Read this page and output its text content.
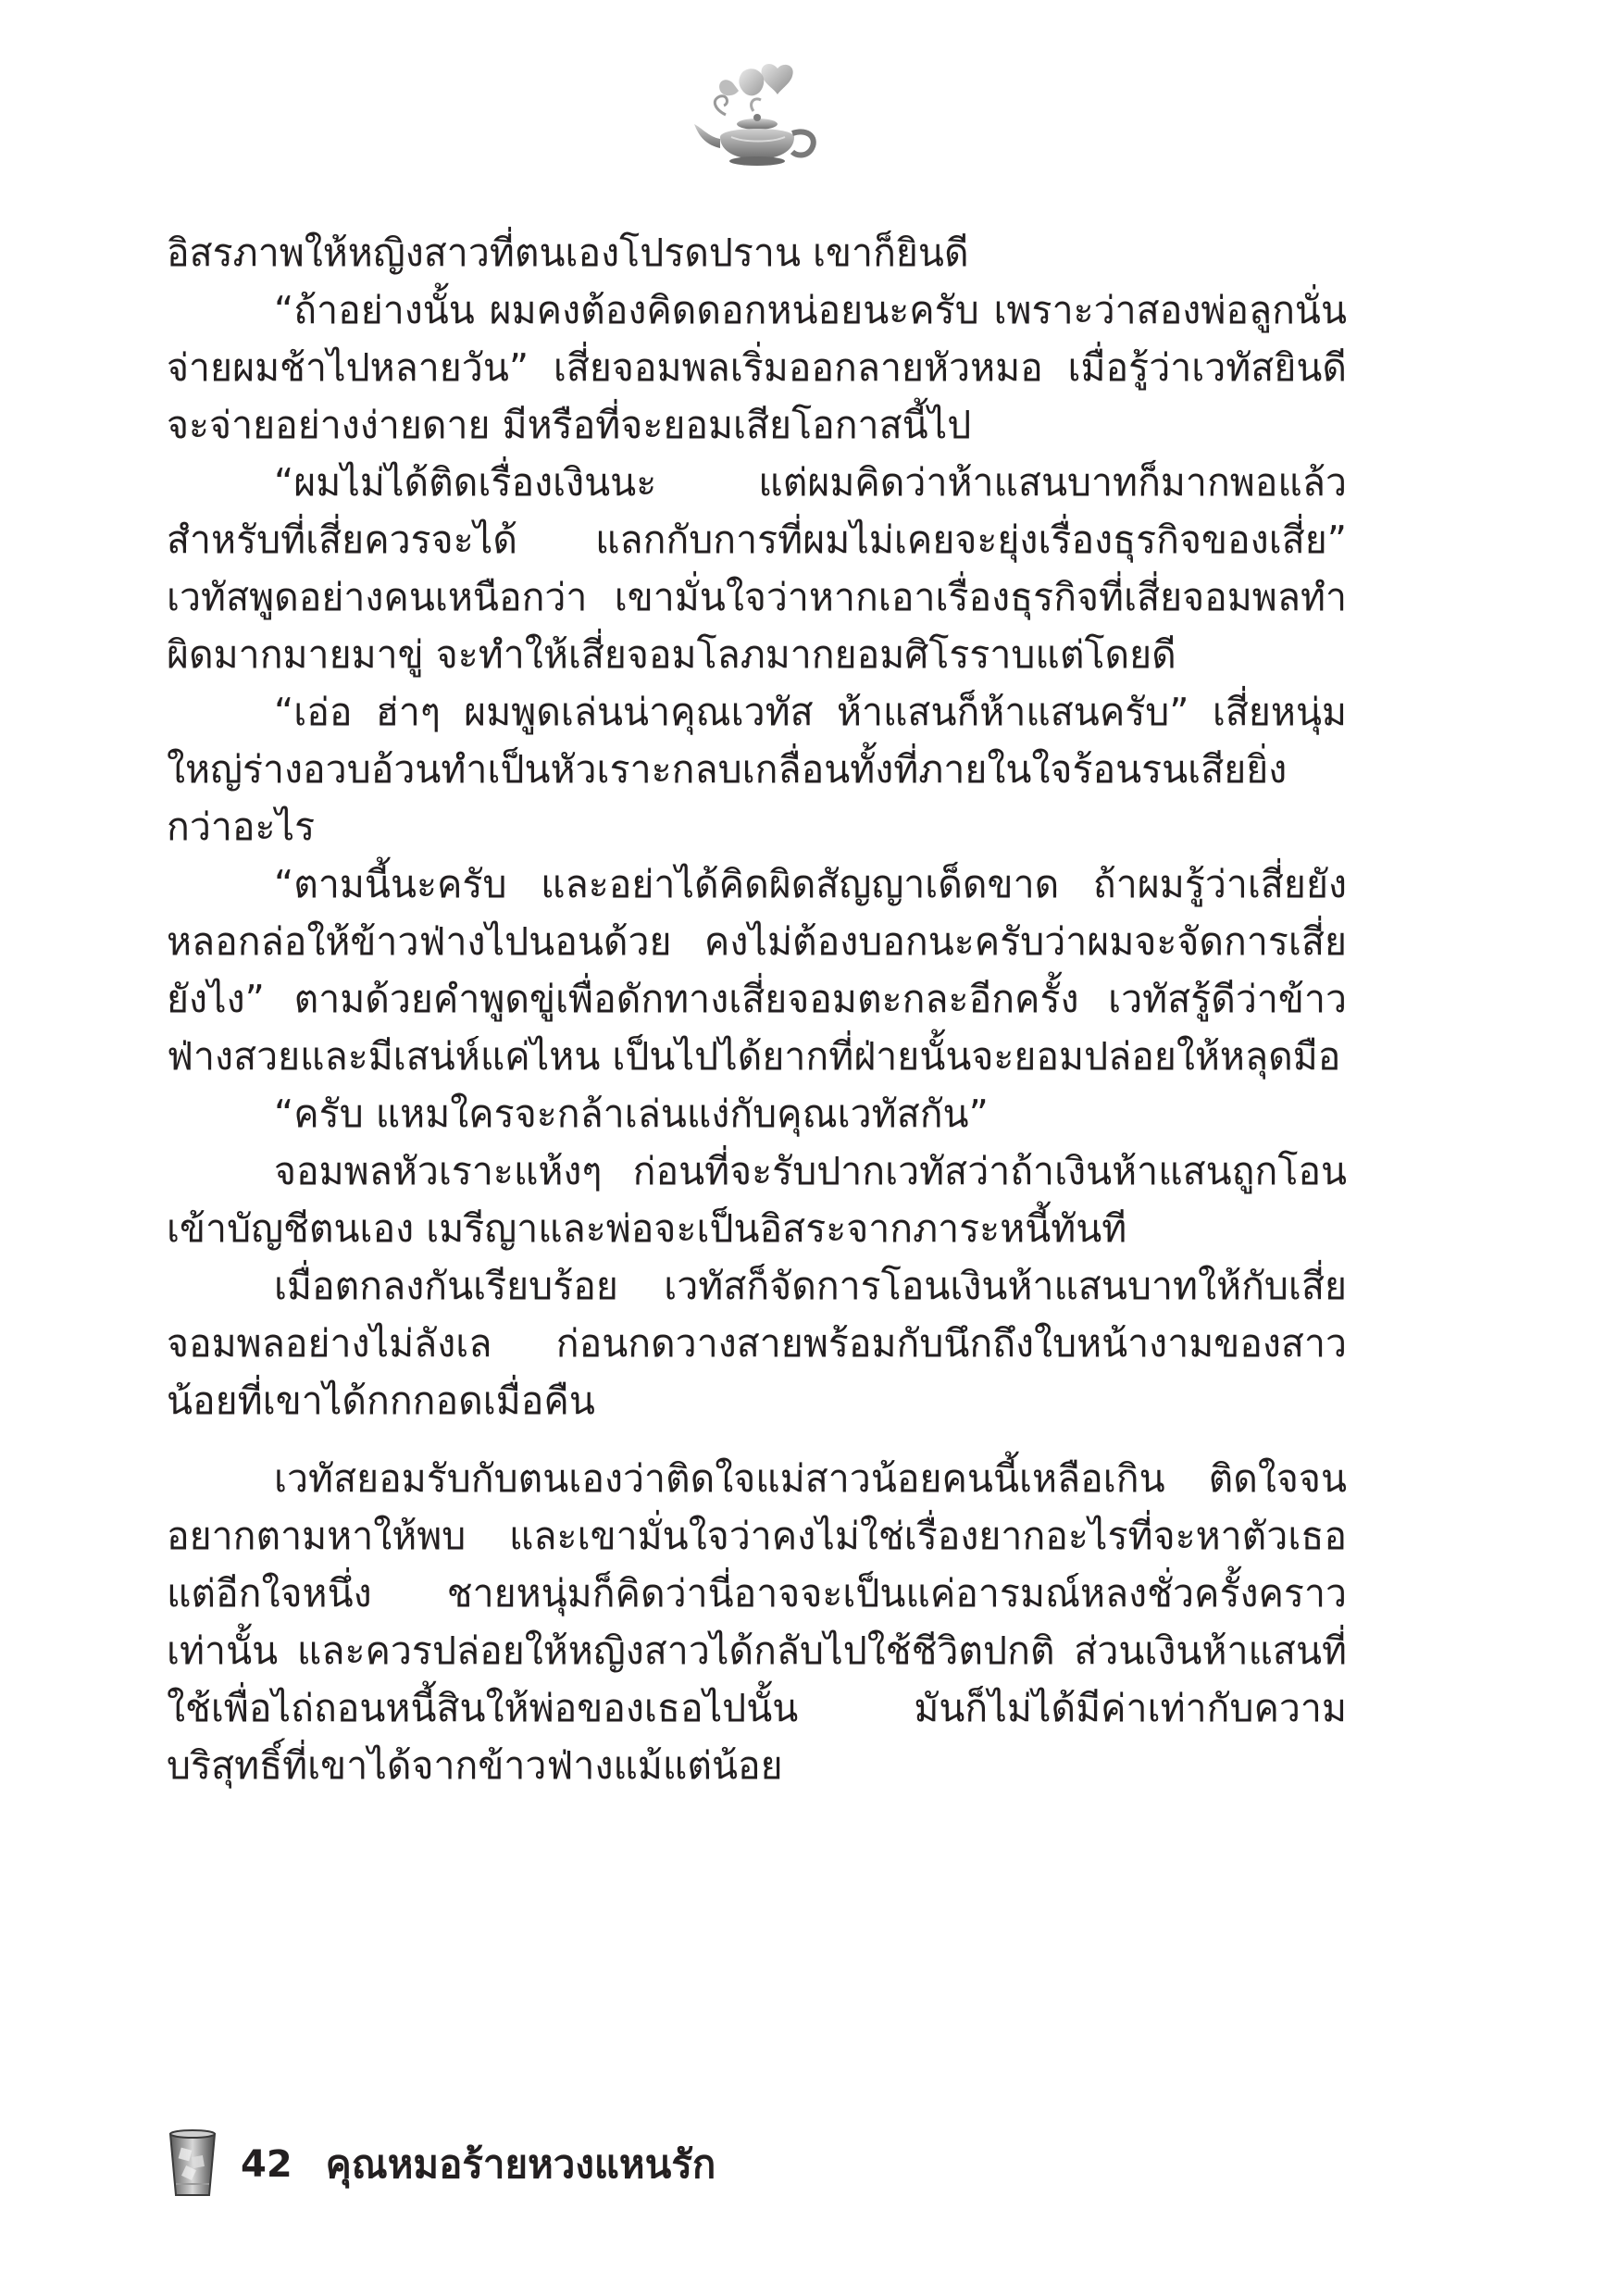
อิสรภาพให้หญิงสาวที่ตนเองโปรดปราน เขาก็ยินดี

“ถ้าอย่างนั้น ผมคงต้องคิดดอกหน่อยนะครับ เพราะว่าสองพ่อลูกนั่นจ่ายผมช้าไปหลายวัน” เสี่ยจอมพลเริ่มออกลายหัวหมอ เมื่อรู้ว่าเวทัสยินดีจะจ่ายอย่างง่ายดาย มีหรือที่จะยอมเสียโอกาสนี้ไป

“ผมไม่ได้ติดเรื่องเงินนะ แต่ผมคิดว่าห้าแสนบาทก็มากพอแล้วสำหรับที่เสี่ยควรจะได้ แลกกับการที่ผมไม่เคยจะยุ่งเรื่องธุรกิจของเสี่ย” เวทัสพูดอย่างคนเหนือกว่า เขามั่นใจว่าหากเอาเรื่องธุรกิจที่เสี่ยจอมพลทำผิดมากมายมาขู่ จะทำให้เสี่ยจอมโลภมากยอมศิโรราบแต่โดยดี

“เอ่อ ฮ่าๆ ผมพูดเล่นน่าคุณเวทัส ห้าแสนก็ห้าแสนครับ” เสี่ยหนุ่มใหญ่ร่างอวบอ้วนทำเป็นหัวเราะกลบเกลื่อนทั้งที่ภายในใจร้อนรนเสียยิ่งกว่าอะไร

“ตามนี้นะครับ และอย่าได้คิดผิดสัญญาเด็ดขาด ถ้าผมรู้ว่าเสี่ยยังหลอกล่อให้ข้าวฟ่างไปนอนด้วย คงไม่ต้องบอกนะครับว่าผมจะจัดการเสี่ยยังไง” ตามด้วยคำพูดขู่เพื่อดักทางเสี่ยจอมตะกละอีกครั้ง เวทัสรู้ดีว่าข้าวฟ่างสวยและมีเสน่ห์แค่ไหน เป็นไปได้ยากที่ฝ่ายนั้นจะยอมปล่อยให้หลุดมือ

“ครับ แหมใครจะกล้าเล่นแง่กับคุณเวทัสกัน”

จอมพลหัวเราะแห้งๆ ก่อนที่จะรับปากเวทัสว่าถ้าเงินห้าแสนถูกโอนเข้าบัญชีตนเอง เมรีญาและพ่อจะเป็นอิสระจากภาระหนี้ทันที

เมื่อตกลงกันเรียบร้อย เวทัสก็จัดการโอนเงินห้าแสนบาทให้กับเสี่ยจอมพลอย่างไม่ลังเล ก่อนกดวางสายพร้อมกับนึกถึงใบหน้างามของสาวน้อยที่เขาได้กกกอดเมื่อคืน

เวทัสยอมรับกับตนเองว่าติดใจแม่สาวน้อยคนนี้เหลือเกิน ติดใจจนอยากตามหาให้พบ และเขามั่นใจว่าคงไม่ใช่เรื่องยากอะไรที่จะหาตัวเธอแต่อีกใจหนึ่ง ชายหนุ่มก็คิดว่านี่อาจจะเป็นแค่อารมณ์หลงชั่วครั้งคราวเท่านั้น และควรปล่อยให้หญิงสาวได้กลับไปใช้ชีวิตปกติ ส่วนเงินห้าแสนที่ใช้เพื่อไถ่ถอนหนี้สินให้พ่อของเธอไปนั้น มันก็ไม่ได้มีค่าเท่ากับความบริสุทธิ์ที่เขาได้จากข้าวฟ่างแม้แต่น้อย

42 คุณหมอร้ายหวงแหนรัก
